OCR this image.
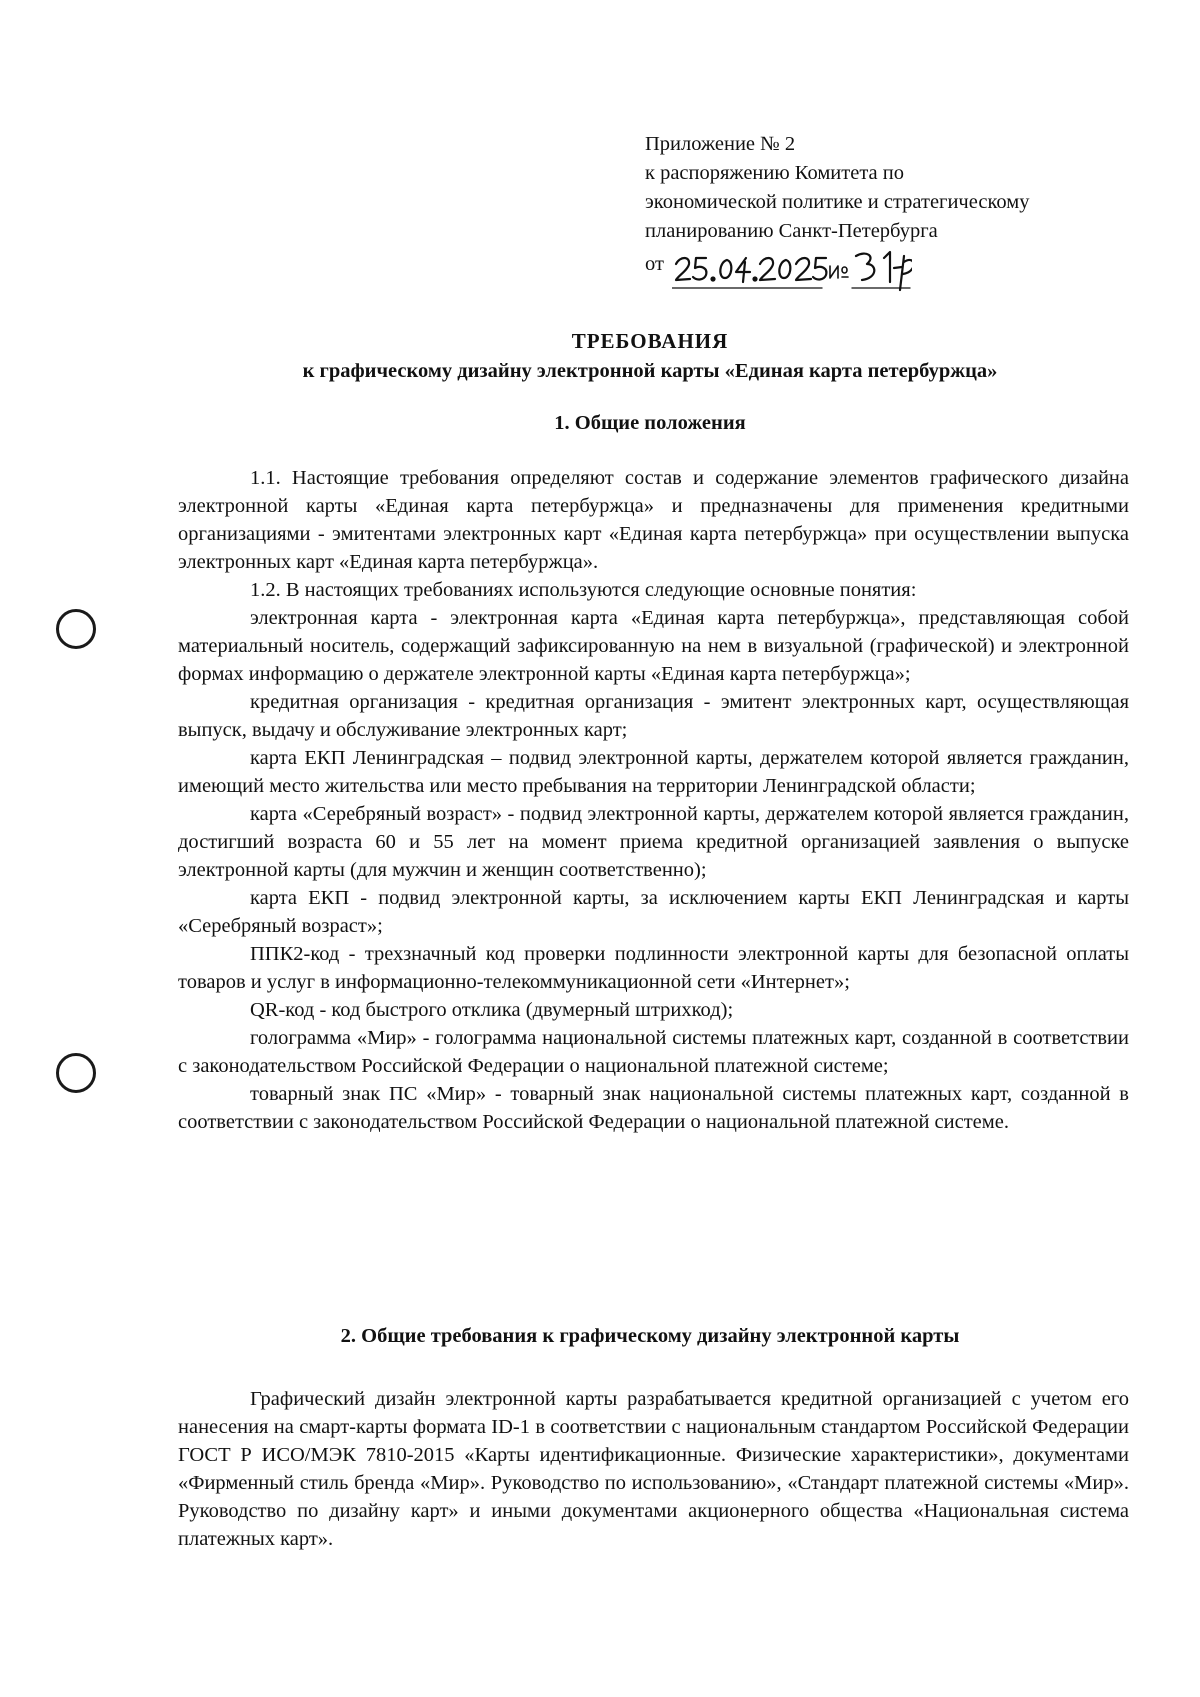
Приложение № 2
к распоряжению Комитета по
экономической политике и стратегическому
планированию Санкт-Петербурга
от
ТРЕБОВАНИЯ
к графическому дизайну электронной карты «Единая карта петербуржца»
1. Общие положения

1.1. Настоящие требования определяют состав и содержание элементов графического дизайна электронной карты «Единая карта петербуржца» и предназначены для применения кредитными организациями - эмитентами электронных карт «Единая карта петербуржца» при осуществлении выпуска электронных карт «Единая карта петербуржца».

1.2. В настоящих требованиях используются следующие основные понятия:

электронная карта - электронная карта «Единая карта петербуржца», представляющая собой материальный носитель, содержащий зафиксированную на нем в визуальной (графической) и электронной формах информацию о держателе электронной карты «Единая карта петербуржца»;

кредитная организация - кредитная организация - эмитент электронных карт, осуществляющая выпуск, выдачу и обслуживание электронных карт;

карта ЕКП Ленинградская – подвид электронной карты, держателем которой является гражданин, имеющий место жительства или место пребывания на территории Ленинградской области;

карта «Серебряный возраст» - подвид электронной карты, держателем которой является гражданин, достигший возраста 60 и 55 лет на момент приема кредитной организацией заявления о выпуске электронной карты (для мужчин и женщин соответственно);

карта ЕКП - подвид электронной карты, за исключением карты ЕКП Ленинградская и карты «Серебряный возраст»;

ППК2-код - трехзначный код проверки подлинности электронной карты для безопасной оплаты товаров и услуг в информационно-телекоммуникационной сети «Интернет»;

QR-код - код быстрого отклика (двумерный штрихкод);

голограмма «Мир» - голограмма национальной системы платежных карт, созданной в соответствии с законодательством Российской Федерации о национальной платежной системе;

товарный знак ПС «Мир» - товарный знак национальной системы платежных карт, созданной в соответствии с законодательством Российской Федерации о национальной платежной системе.

2. Общие требования к графическому дизайну электронной карты

Графический дизайн электронной карты разрабатывается кредитной организацией с учетом его нанесения на смарт-карты формата ID-1 в соответствии с национальным стандартом Российской Федерации ГОСТ Р ИСО/МЭК 7810-2015 «Карты идентификационные. Физические характеристики», документами «Фирменный стиль бренда «Мир». Руководство по использованию», «Стандарт платежной системы «Мир». Руководство по дизайну карт» и иными документами акционерного общества «Национальная система платежных карт».
